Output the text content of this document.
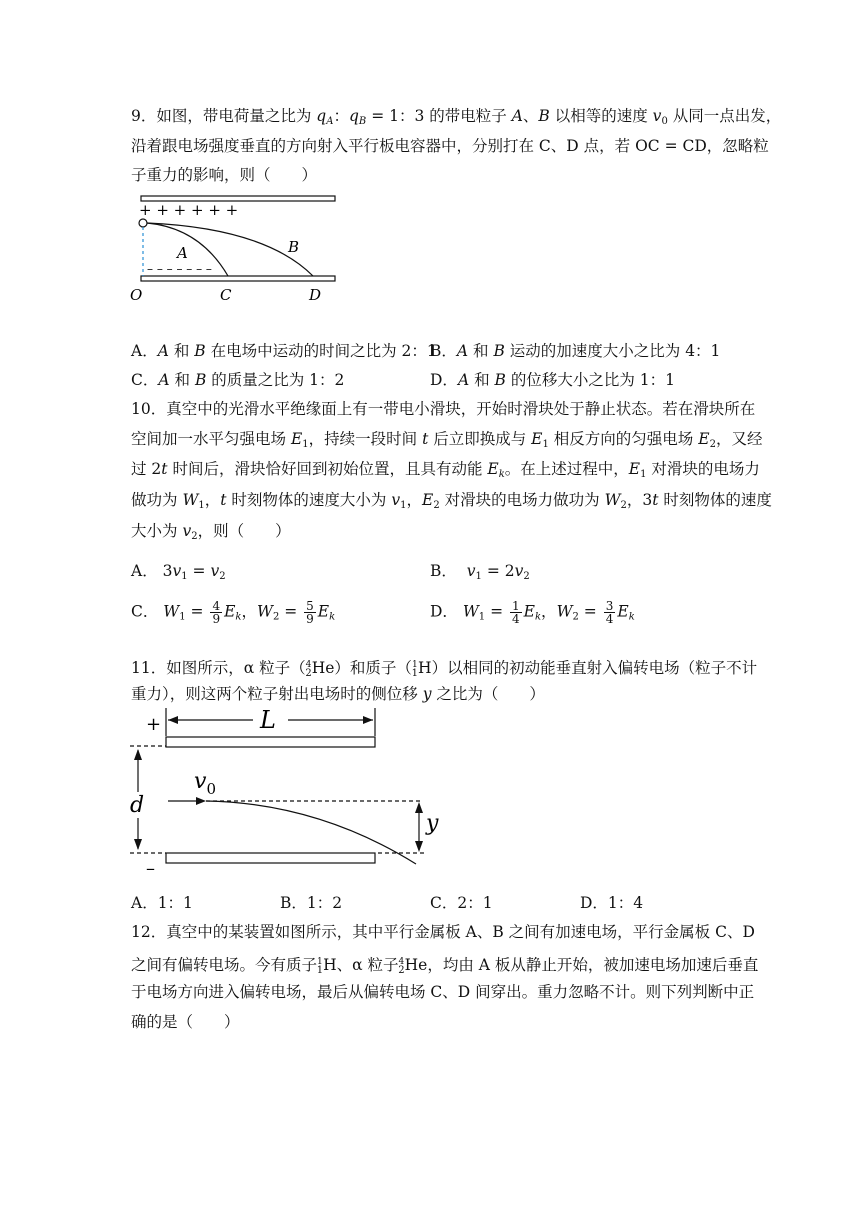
9．如图，带电荷量之比为 $q_A$：$q_B = 1$：3 的带电粒子 A、B 以相等的速度 $v_0$ 从同一点出发，
沿着跟电场强度垂直的方向射入平行板电容器中，分别打在 C、D 点，若 OC = CD，忽略粒
子重力的影响，则（　　）
+ + + + + +
– – – – – – –
A	B
O	C	D
A．A 和 B 在电场中运动的时间之比为 2：1
B．A 和 B 运动的加速度大小之比为 4：1
C．A 和 B 的质量之比为 1：2	D．A 和 B 的位移大小之比为 1：1
10．真空中的光滑水平绝缘面上有一带电小滑块，开始时滑块处于静止状态。若在滑块所在
空间加一水平匀强电场 $E_1$，持续一段时间 t 后立即换成与 $E_1$ 相反方向的匀强电场 $E_2$，又经
过 2t 时间后，滑块恰好回到初始位置，且具有动能 $E_k$。在上述过程中，$E_1$ 对滑块的电场力
做功为 $W_1$，t 时刻物体的速度大小为 $v_1$，$E_2$ 对滑块的电场力做功为 $W_2$，3t 时刻物体的速度
大小为 $v_2$，则（　　）
A． $3v_1 = v_2$	B．  $v_1 = 2v_2$
C． $W_1 = \frac{4}{9} E_k$，$W_2 = \frac{5}{9} E_k$	D． $W_1 = \frac{1}{4} E_k$，$W_2 = \frac{3}{4} E_k$
11．如图所示，α 粒子（$^4_2$He）和质子（$^1_1$H）以相同的初动能垂直射入偏转电场（粒子不计
重力），则这两个粒子射出电场时的侧位移 y 之比为（　　）
+	L
d
–
$v_0$
y
A．1：1	B．1：2	C．2：1	D．1：4
12．真空中的某装置如图所示，其中平行金属板 A、B 之间有加速电场，平行金属板 C、D
之间有偏转电场。今有质子$^1_1$H、α 粒子$^4_2$He，均由 A 板从静止开始，被加速电场加速后垂直
于电场方向进入偏转电场，最后从偏转电场 C、D 间穿出。重力忽略不计。则下列判断中正
确的是（　　）
